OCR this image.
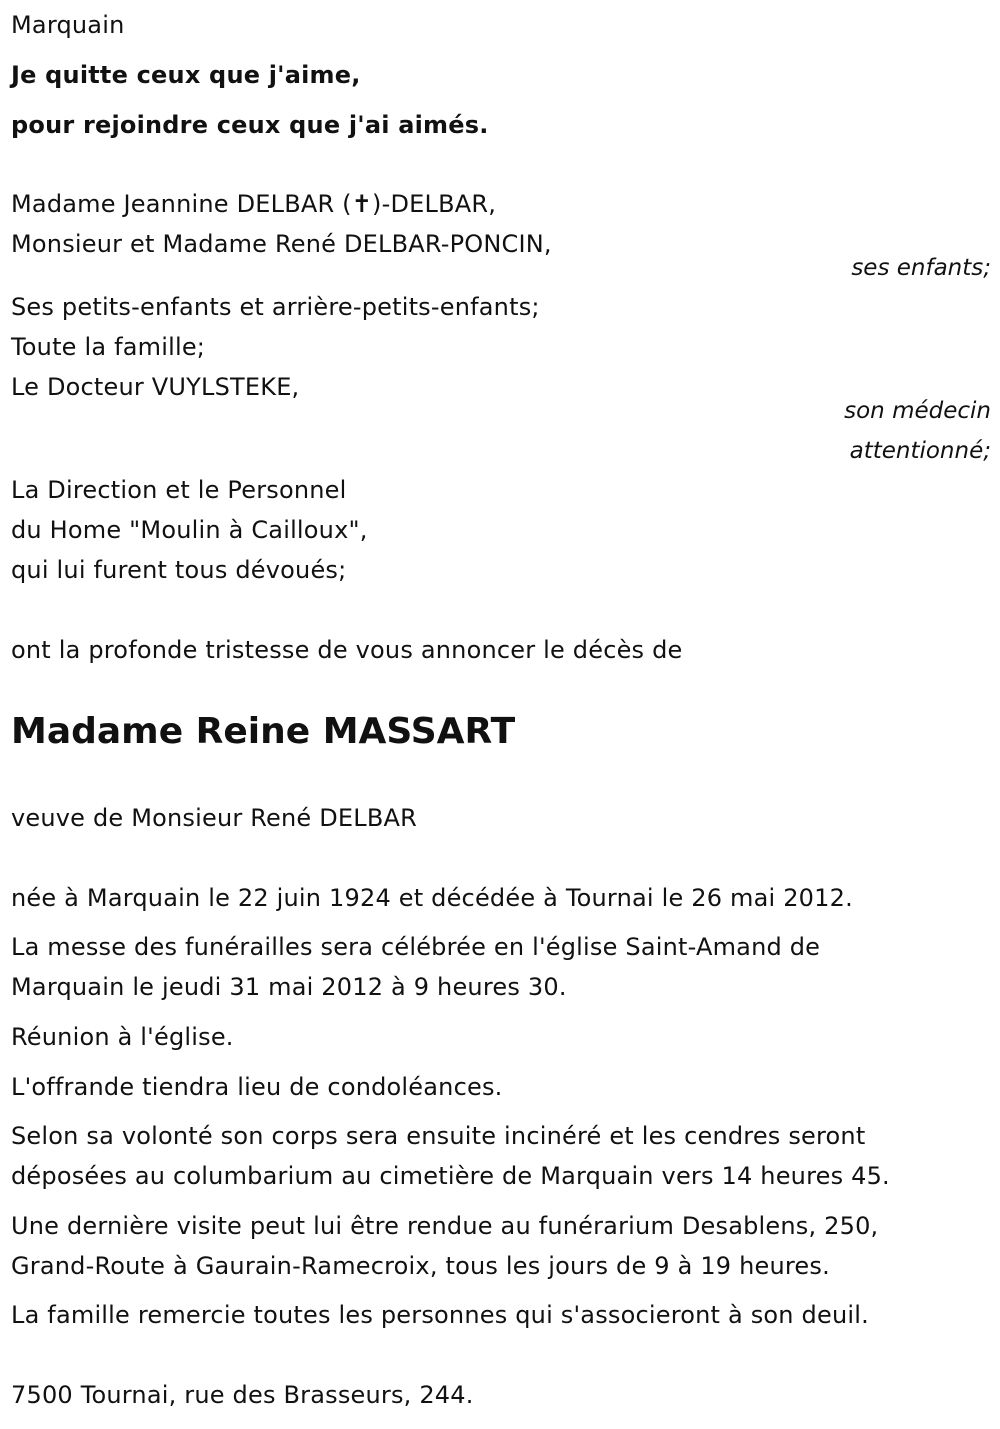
Marquain
Je quitte ceux que j'aime,
pour rejoindre ceux que j'ai aimés.
Madame Jeannine DELBAR (✝)-DELBAR,
Monsieur et Madame René DELBAR-PONCIN,
ses enfants;
Ses petits-enfants et arrière-petits-enfants;
Toute la famille;
Le Docteur VUYLSTEKE,
son médecin
attentionné;
La Direction et le Personnel
du Home "Moulin à Cailloux",
qui lui furent tous dévoués;
ont la profonde tristesse de vous annoncer le décès de
Madame Reine MASSART
veuve de Monsieur René DELBAR
née à Marquain le 22 juin 1924 et décédée à Tournai le 26 mai 2012.
La messe des funérailles sera célébrée en l'église Saint-Amand de
Marquain le jeudi 31 mai 2012 à 9 heures 30.
Réunion à l'église.
L'offrande tiendra lieu de condoléances.
Selon sa volonté son corps sera ensuite incinéré et les cendres seront
déposées au columbarium au cimetière de Marquain vers 14 heures 45.
Une dernière visite peut lui être rendue au funérarium Desablens, 250,
Grand-Route à Gaurain-Ramecroix, tous les jours de 9 à 19 heures.
La famille remercie toutes les personnes qui s'associeront à son deuil.
7500 Tournai, rue des Brasseurs, 244.
